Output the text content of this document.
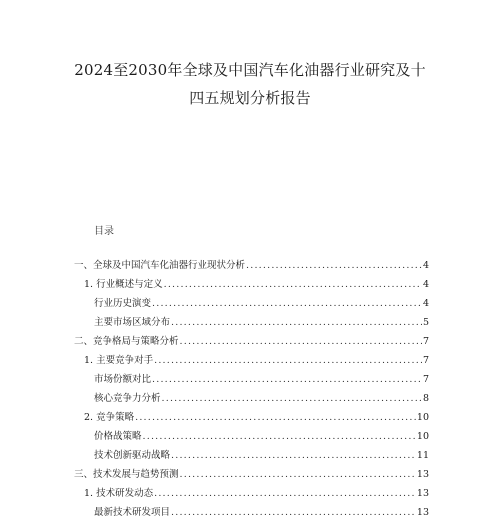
2024至2030年全球及中国汽车化油器行业研究及十
四五规划分析报告
目录
一、全球及中国汽车化油器行业现状分析 .....	4
1. 行业概述与定义 .....	4
行业历史演变 .....	4
主要市场区域分布 .....	5
二、竞争格局与策略分析 .....	7
1. 主要竞争对手 .....	7
市场份额对比 .....	7
核心竞争力分析 .....	8
2. 竞争策略 .....	10
价格战策略 .....	10
技术创新驱动战略 .....	11
三、技术发展与趋势预测 .....	13
1. 技术研发动态 .....	13
最新技术研发项目 .....	13
